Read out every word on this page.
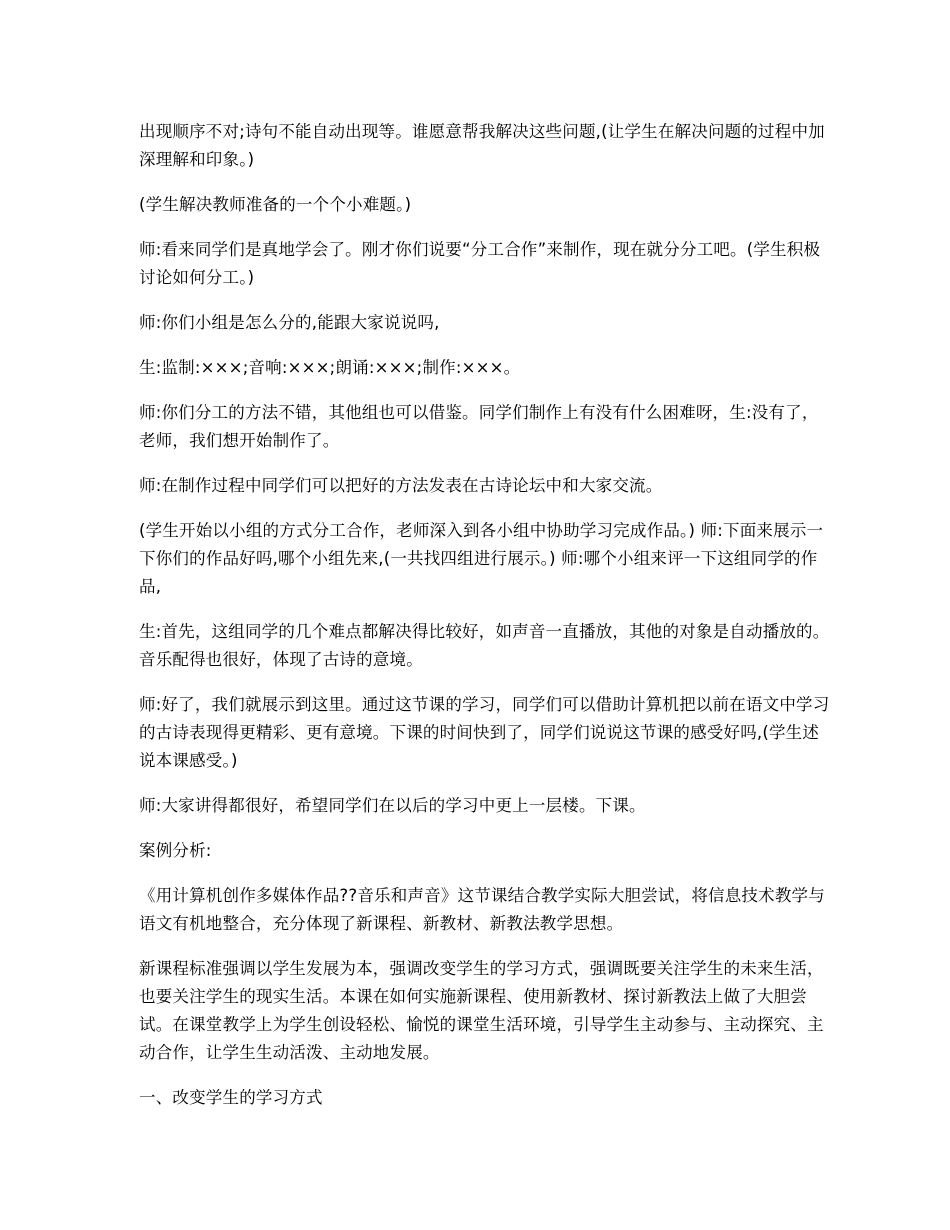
出现顺序不对;诗句不能自动出现等。谁愿意帮我解决这些问题,(让学生在解决问题的过程中加深理解和印象。)

(学生解决教师准备的一个个小难题。)

师:看来同学们是真地学会了。刚才你们说要“分工合作”来制作，现在就分分工吧。(学生积极讨论如何分工。)

师:你们小组是怎么分的,能跟大家说说吗,

生:监制:×××;音响:×××;朗诵:×××;制作:×××。

师:你们分工的方法不错，其他组也可以借鉴。同学们制作上有没有什么困难呀，生:没有了，老师，我们想开始制作了。

师:在制作过程中同学们可以把好的方法发表在古诗论坛中和大家交流。

(学生开始以小组的方式分工合作，老师深入到各小组中协助学习完成作品。) 师:下面来展示一下你们的作品好吗,哪个小组先来,(一共找四组进行展示。) 师:哪个小组来评一下这组同学的作品,

生:首先，这组同学的几个难点都解决得比较好，如声音一直播放，其他的对象是自动播放的。音乐配得也很好，体现了古诗的意境。

师:好了，我们就展示到这里。通过这节课的学习，同学们可以借助计算机把以前在语文中学习的古诗表现得更精彩、更有意境。下课的时间快到了，同学们说说这节课的感受好吗,(学生述说本课感受。)

师:大家讲得都很好，希望同学们在以后的学习中更上一层楼。下课。

案例分析:

《用计算机创作多媒体作品??音乐和声音》这节课结合教学实际大胆尝试，将信息技术教学与语文有机地整合，充分体现了新课程、新教材、新教法教学思想。

新课程标准强调以学生发展为本，强调改变学生的学习方式，强调既要关注学生的未来生活，也要关注学生的现实生活。本课在如何实施新课程、使用新教材、探讨新教法上做了大胆尝试。在课堂教学上为学生创设轻松、愉悦的课堂生活环境，引导学生主动参与、主动探究、主动合作，让学生生动活泼、主动地发展。

一、改变学生的学习方式
